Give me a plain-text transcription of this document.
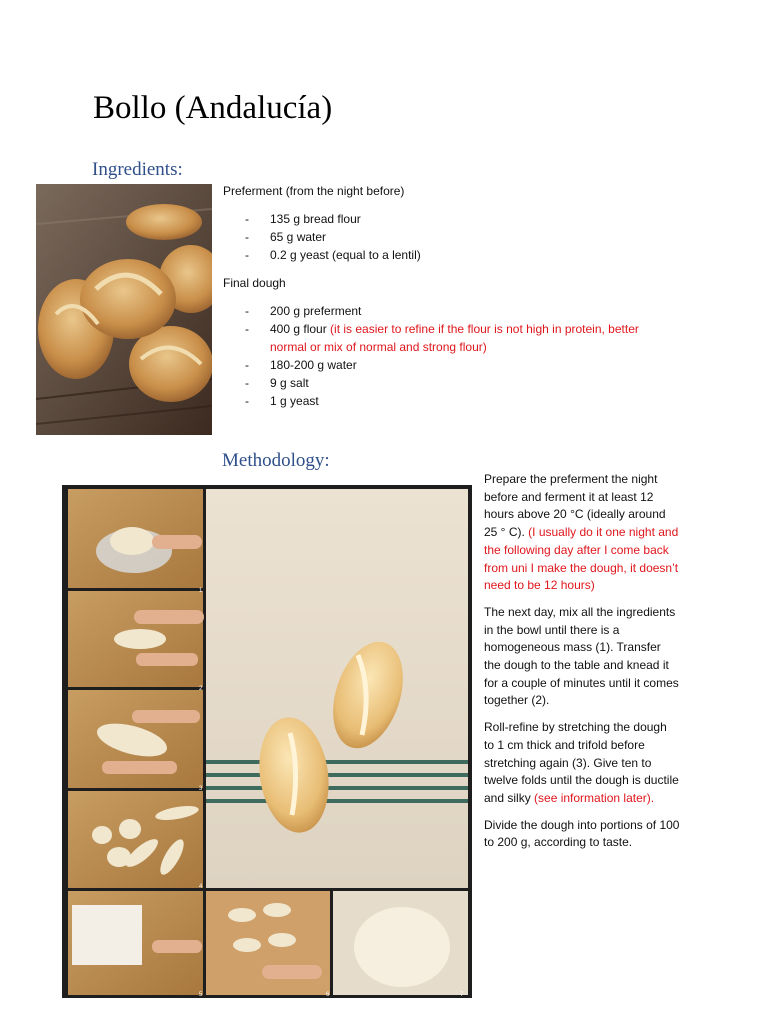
Bollo (Andalucía)
Ingredients:

Preferment (from the night before)

- 135 g bread flour
- 65 g water
- 0.2 g yeast (equal to a lentil)

Final dough

- 200 g preferment
- 400 g flour (it is easier to refine if the flour is not high in protein, better normal or mix of normal and strong flour)
- 180-200 g water
- 9 g salt
- 1 g yeast
Methodology:

Prepare the preferment the night before and ferment it at least 12 hours above 20 °C (ideally around 25 ° C). (I usually do it one night and the following day after I come back from uni I make the dough, it doesn’t need to be 12 hours)

The next day, mix all the ingredients in the bowl until there is a homogeneous mass (1). Transfer the dough to the table and knead it for a couple of minutes until it comes together (2).

Roll-refine by stretching the dough to 1 cm thick and trifold before stretching again (3). Give ten to twelve folds until the dough is ductile and silky (see information later).

Divide the dough into portions of 100 to 200 g, according to taste.

1
2
3
4
5	6	7
